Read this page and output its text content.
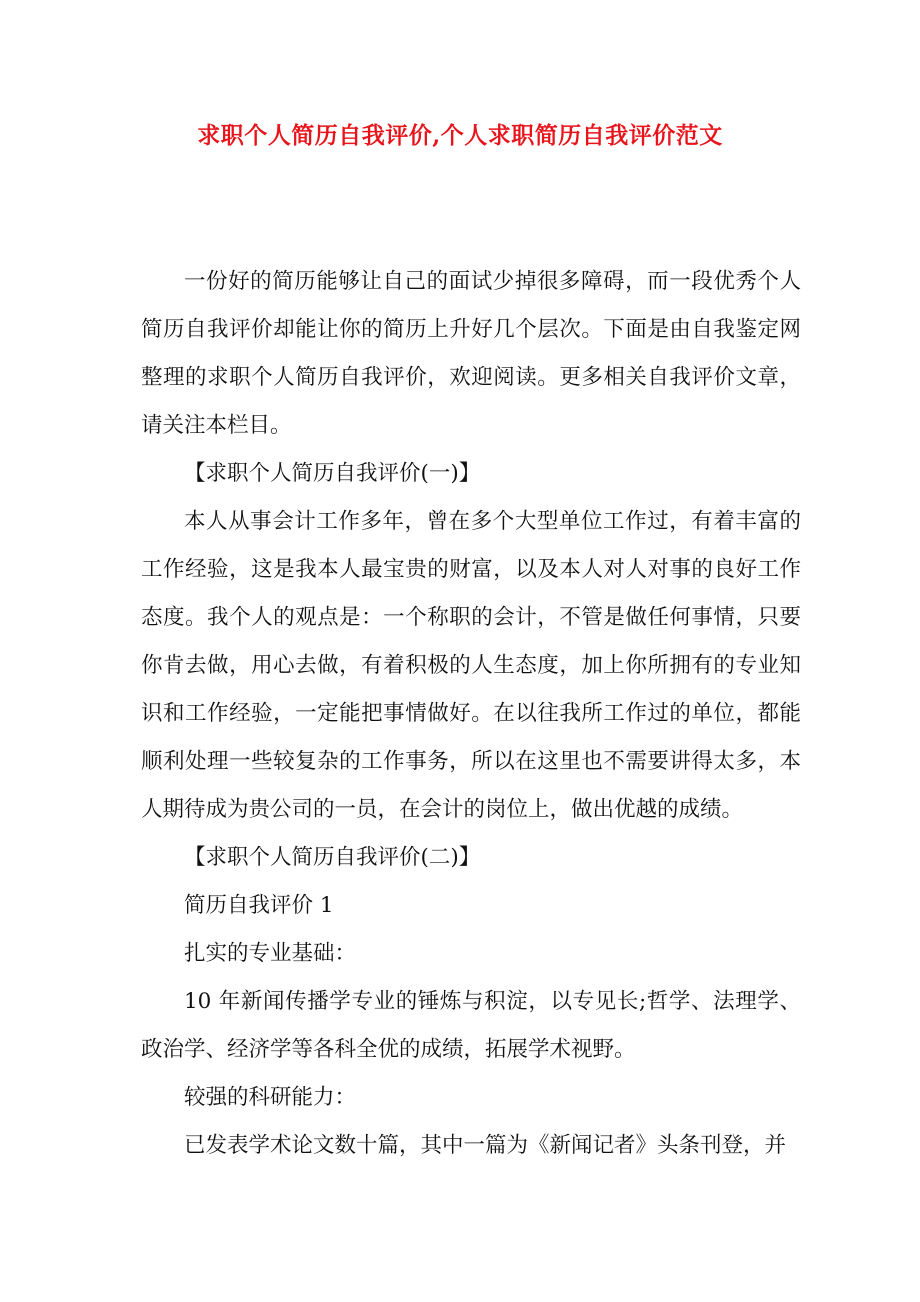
求职个人简历自我评价,个人求职简历自我评价范文

一份好的简历能够让自己的面试少掉很多障碍，而一段优秀个人简历自我评价却能让你的简历上升好几个层次。下面是由自我鉴定网整理的求职个人简历自我评价，欢迎阅读。更多相关自我评价文章，请关注本栏目。

【求职个人简历自我评价(一)】

本人从事会计工作多年，曾在多个大型单位工作过，有着丰富的工作经验，这是我本人最宝贵的财富，以及本人对人对事的良好工作态度。我个人的观点是：一个称职的会计，不管是做任何事情，只要你肯去做，用心去做，有着积极的人生态度，加上你所拥有的专业知识和工作经验，一定能把事情做好。在以往我所工作过的单位，都能顺利处理一些较复杂的工作事务，所以在这里也不需要讲得太多，本人期待成为贵公司的一员，在会计的岗位上，做出优越的成绩。

【求职个人简历自我评价(二)】

简历自我评价 1

扎实的专业基础：

10 年新闻传播学专业的锤炼与积淀，以专见长;哲学、法理学、政治学、经济学等各科全优的成绩，拓展学术视野。

较强的科研能力：

已发表学术论文数十篇，其中一篇为《新闻记者》头条刊登，并
